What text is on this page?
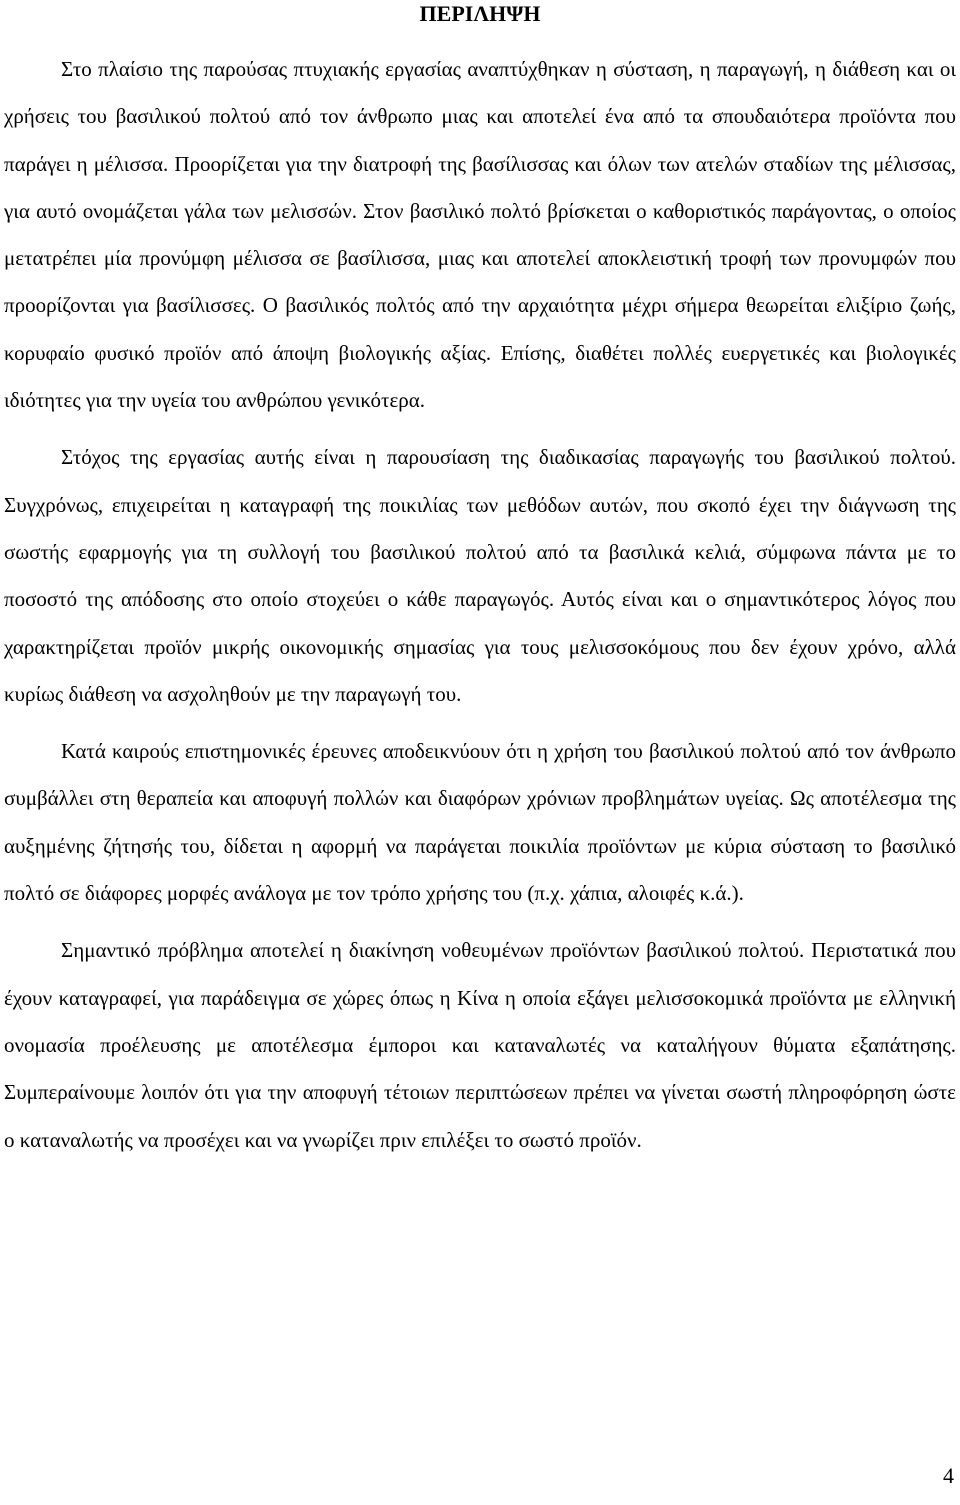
ΠΕΡΙΛΗΨΗ

Στο πλαίσιο της παρούσας πτυχιακής εργασίας αναπτύχθηκαν η σύσταση, η παραγωγή, η διάθεση και οι χρήσεις του βασιλικού πολτού από τον άνθρωπο μιας και αποτελεί ένα από τα σπουδαιότερα προϊόντα που παράγει η μέλισσα. Προορίζεται για την διατροφή της βασίλισσας και όλων των ατελών σταδίων της μέλισσας, για αυτό ονομάζεται γάλα των μελισσών. Στον βασιλικό πολτό βρίσκεται ο καθοριστικός παράγοντας, ο οποίος μετατρέπει μία προνύμφη μέλισσα σε βασίλισσα, μιας και αποτελεί αποκλειστική τροφή των προνυμφών που προορίζονται για βασίλισσες. Ο βασιλικός πολτός από την αρχαιότητα μέχρι σήμερα θεωρείται ελιξίριο ζωής, κορυφαίο φυσικό προϊόν από άποψη βιολογικής αξίας. Επίσης, διαθέτει πολλές ευεργετικές και βιολογικές ιδιότητες για την υγεία του ανθρώπου γενικότερα.

Στόχος της εργασίας αυτής είναι η παρουσίαση της διαδικασίας παραγωγής του βασιλικού πολτού. Συγχρόνως, επιχειρείται η καταγραφή της ποικιλίας των μεθόδων αυτών, που σκοπό έχει την διάγνωση της σωστής εφαρμογής για τη συλλογή του βασιλικού πολτού από τα βασιλικά κελιά, σύμφωνα πάντα με το ποσοστό της απόδοσης στο οποίο στοχεύει ο κάθε παραγωγός. Αυτός είναι και ο σημαντικότερος λόγος που χαρακτηρίζεται προϊόν μικρής οικονομικής σημασίας για τους μελισσοκόμους που δεν έχουν χρόνο, αλλά κυρίως διάθεση να ασχοληθούν με την παραγωγή του.

Κατά καιρούς επιστημονικές έρευνες αποδεικνύουν ότι η χρήση του βασιλικού πολτού από τον άνθρωπο συμβάλλει στη θεραπεία και αποφυγή πολλών και διαφόρων χρόνιων προβλημάτων υγείας. Ως αποτέλεσμα της αυξημένης ζήτησής του, δίδεται η αφορμή να παράγεται ποικιλία προϊόντων με κύρια σύσταση το βασιλικό πολτό σε διάφορες μορφές ανάλογα με τον τρόπο χρήσης του (π.χ. χάπια, αλοιφές κ.ά.).

Σημαντικό πρόβλημα αποτελεί η διακίνηση νοθευμένων προϊόντων βασιλικού πολτού. Περιστατικά που έχουν καταγραφεί, για παράδειγμα σε χώρες όπως η Κίνα η οποία εξάγει μελισσοκομικά προϊόντα με ελληνική ονομασία προέλευσης με αποτέλεσμα έμποροι και καταναλωτές να καταλήγουν θύματα εξαπάτησης. Συμπεραίνουμε λοιπόν ότι για την αποφυγή τέτοιων περιπτώσεων πρέπει να γίνεται σωστή πληροφόρηση ώστε ο καταναλωτής να προσέχει και να γνωρίζει πριν επιλέξει το σωστό προϊόν.

4
